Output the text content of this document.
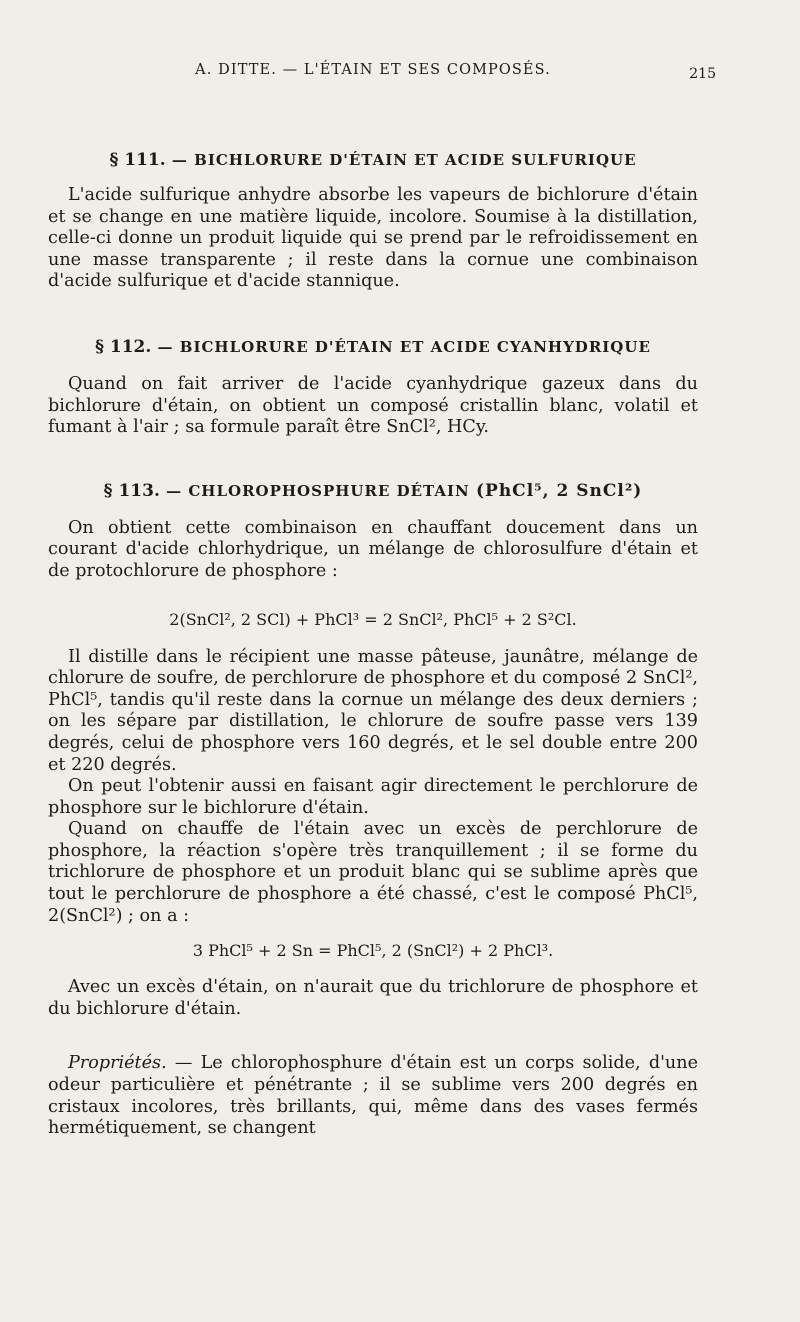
A. DITTE. — L'ÉTAIN ET SES COMPOSÉS.	215
§ 111. — BICHLORURE D'ÉTAIN ET ACIDE SULFURIQUE

L'acide sulfurique anhydre absorbe les vapeurs de bichlorure d'étain et se change en une matière liquide, incolore. Soumise à la distillation, celle-ci donne un produit liquide qui se prend par le refroidissement en une masse transparente ; il reste dans la cornue une combinaison d'acide sulfurique et d'acide stannique.

§ 112. — BICHLORURE D'ÉTAIN ET ACIDE CYANHYDRIQUE

Quand on fait arriver de l'acide cyanhydrique gazeux dans du bichlorure d'étain, on obtient un composé cristallin blanc, volatil et fumant à l'air ; sa formule paraît être SnCl², HCy.

§ 113. — CHLOROPHOSPHURE DÉTAIN (PhCl⁵, 2 SnCl²)

On obtient cette combinaison en chauffant doucement dans un courant d'acide chlorhydrique, un mélange de chlorosulfure d'étain et de protochlorure de phosphore :

2(SnCl², 2 SCl) + PhCl³ = 2 SnCl², PhCl⁵ + 2 S²Cl.

Il distille dans le récipient une masse pâteuse, jaunâtre, mélange de chlorure de soufre, de perchlorure de phosphore et du composé 2 SnCl², PhCl⁵, tandis qu'il reste dans la cornue un mélange des deux derniers ; on les sépare par distillation, le chlorure de soufre passe vers 139 degrés, celui de phosphore vers 160 degrés, et le sel double entre 200 et 220 degrés.

On peut l'obtenir aussi en faisant agir directement le perchlorure de phosphore sur le bichlorure d'étain.

Quand on chauffe de l'étain avec un excès de perchlorure de phosphore, la réaction s'opère très tranquillement ; il se forme du trichlorure de phosphore et un produit blanc qui se sublime après que tout le perchlorure de phosphore a été chassé, c'est le composé PhCl⁵, 2(SnCl²) ; on a :

3 PhCl⁵ + 2 Sn = PhCl⁵, 2 (SnCl²) + 2 PhCl³.

Avec un excès d'étain, on n'aurait que du trichlorure de phosphore et du bichlorure d'étain.

Propriétés. — Le chlorophosphure d'étain est un corps solide, d'une odeur particulière et pénétrante ; il se sublime vers 200 degrés en cristaux incolores, très brillants, qui, même dans des vases fermés hermétiquement, se changent
